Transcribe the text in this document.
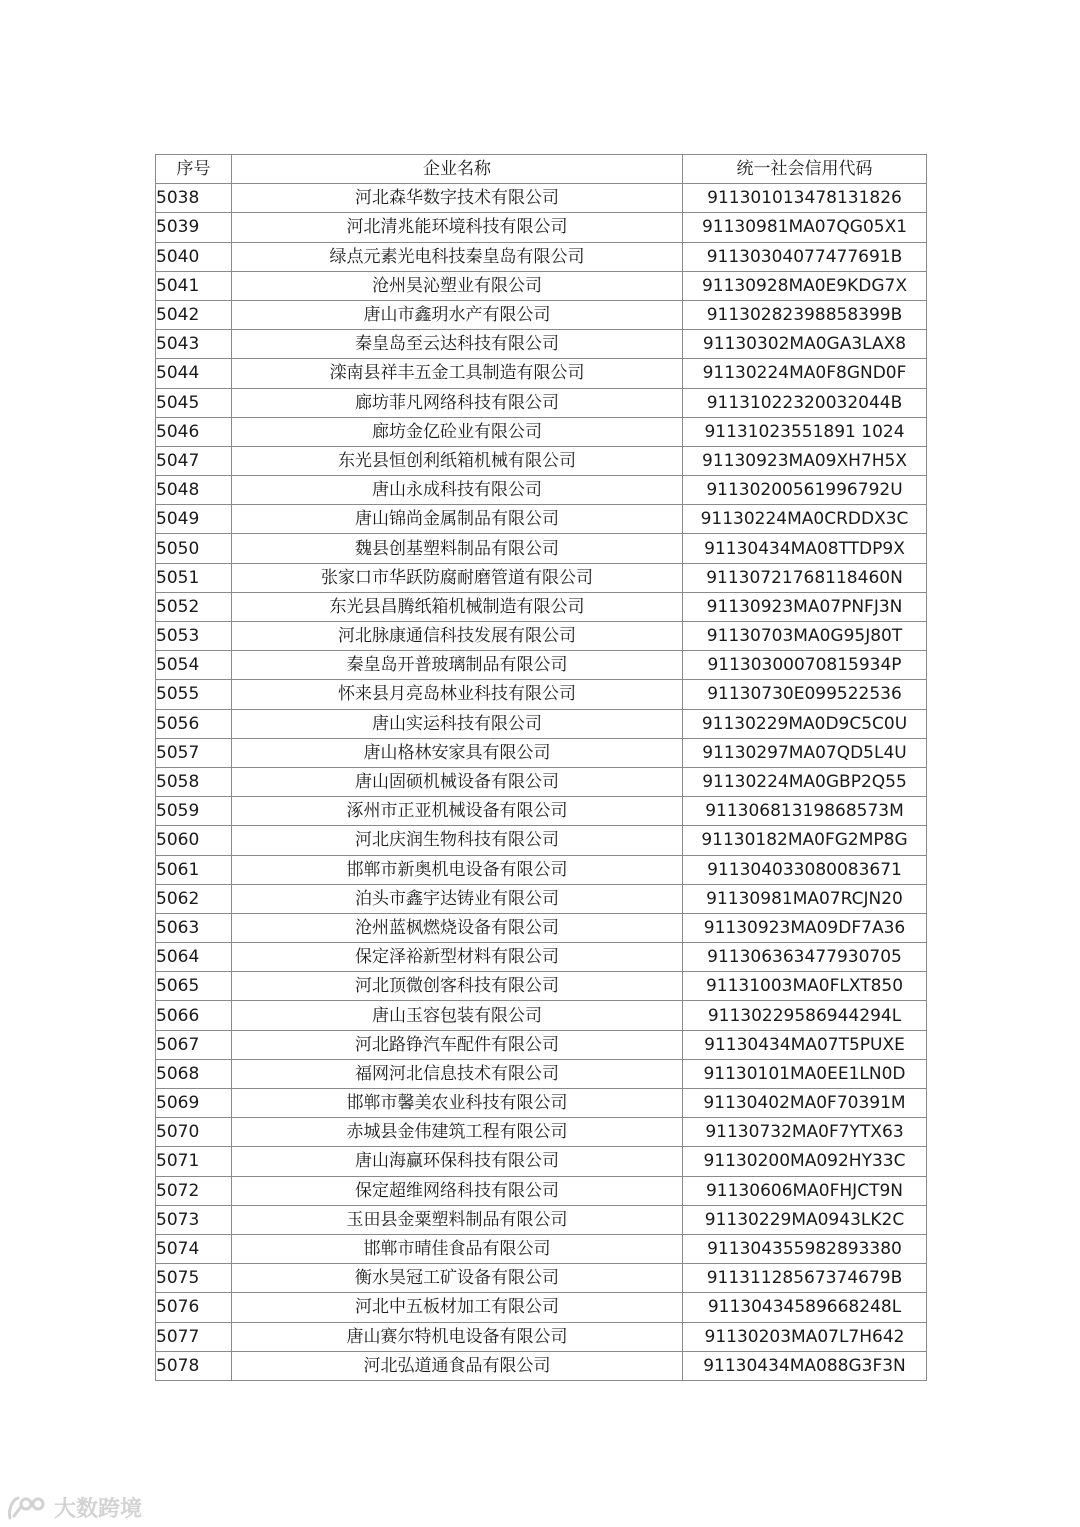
序号	企业名称	统一社会信用代码
5038	河北森华数字技术有限公司	911301013478131826
5039	河北清兆能环境科技有限公司	91130981MA07QG05X1
5040	绿点元素光电科技秦皇岛有限公司	91130304077477691B
5041	沧州昊沁塑业有限公司	91130928MA0E9KDG7X
5042	唐山市鑫玥水产有限公司	91130282398858399B
5043	秦皇岛至云达科技有限公司	91130302MA0GA3LAX8
5044	滦南县祥丰五金工具制造有限公司	91130224MA0F8GND0F
5045	廊坊菲凡网络科技有限公司	91131022320032044B
5046	廊坊金亿砼业有限公司	91131023551891 1024
5047	东光县恒创利纸箱机械有限公司	91130923MA09XH7H5X
5048	唐山永成科技有限公司	91130200561996792U
5049	唐山锦尚金属制品有限公司	91130224MA0CRDDX3C
5050	魏县创基塑料制品有限公司	91130434MA08TTDP9X
5051	张家口市华跃防腐耐磨管道有限公司	91130721768118460N
5052	东光县昌腾纸箱机械制造有限公司	91130923MA07PNFJ3N
5053	河北脉康通信科技发展有限公司	91130703MA0G95J80T
5054	秦皇岛开普玻璃制品有限公司	91130300070815934P
5055	怀来县月亮岛林业科技有限公司	91130730E099522536
5056	唐山实运科技有限公司	91130229MA0D9C5C0U
5057	唐山格林安家具有限公司	91130297MA07QD5L4U
5058	唐山固硕机械设备有限公司	91130224MA0GBP2Q55
5059	涿州市正亚机械设备有限公司	91130681319868573M
5060	河北庆润生物科技有限公司	91130182MA0FG2MP8G
5061	邯郸市新奥机电设备有限公司	911304033080083671
5062	泊头市鑫宇达铸业有限公司	91130981MA07RCJN20
5063	沧州蓝枫燃烧设备有限公司	91130923MA09DF7A36
5064	保定泽裕新型材料有限公司	911306363477930705
5065	河北顶微创客科技有限公司	91131003MA0FLXT850
5066	唐山玉容包装有限公司	91130229586944294L
5067	河北路铮汽车配件有限公司	91130434MA07T5PUXE
5068	福网河北信息技术有限公司	91130101MA0EE1LN0D
5069	邯郸市馨美农业科技有限公司	91130402MA0F70391M
5070	赤城县金伟建筑工程有限公司	91130732MA0F7YTX63
5071	唐山海赢环保科技有限公司	91130200MA092HY33C
5072	保定超维网络科技有限公司	91130606MA0FHJCT9N
5073	玉田县金粟塑料制品有限公司	91130229MA0943LK2C
5074	邯郸市晴佳食品有限公司	911304355982893380
5075	衡水昊冠工矿设备有限公司	91131128567374679B
5076	河北中五板材加工有限公司	91130434589668248L
5077	唐山赛尔特机电设备有限公司	91130203MA07L7H642
5078	河北弘道通食品有限公司	91130434MA088G3F3N
大数跨境
